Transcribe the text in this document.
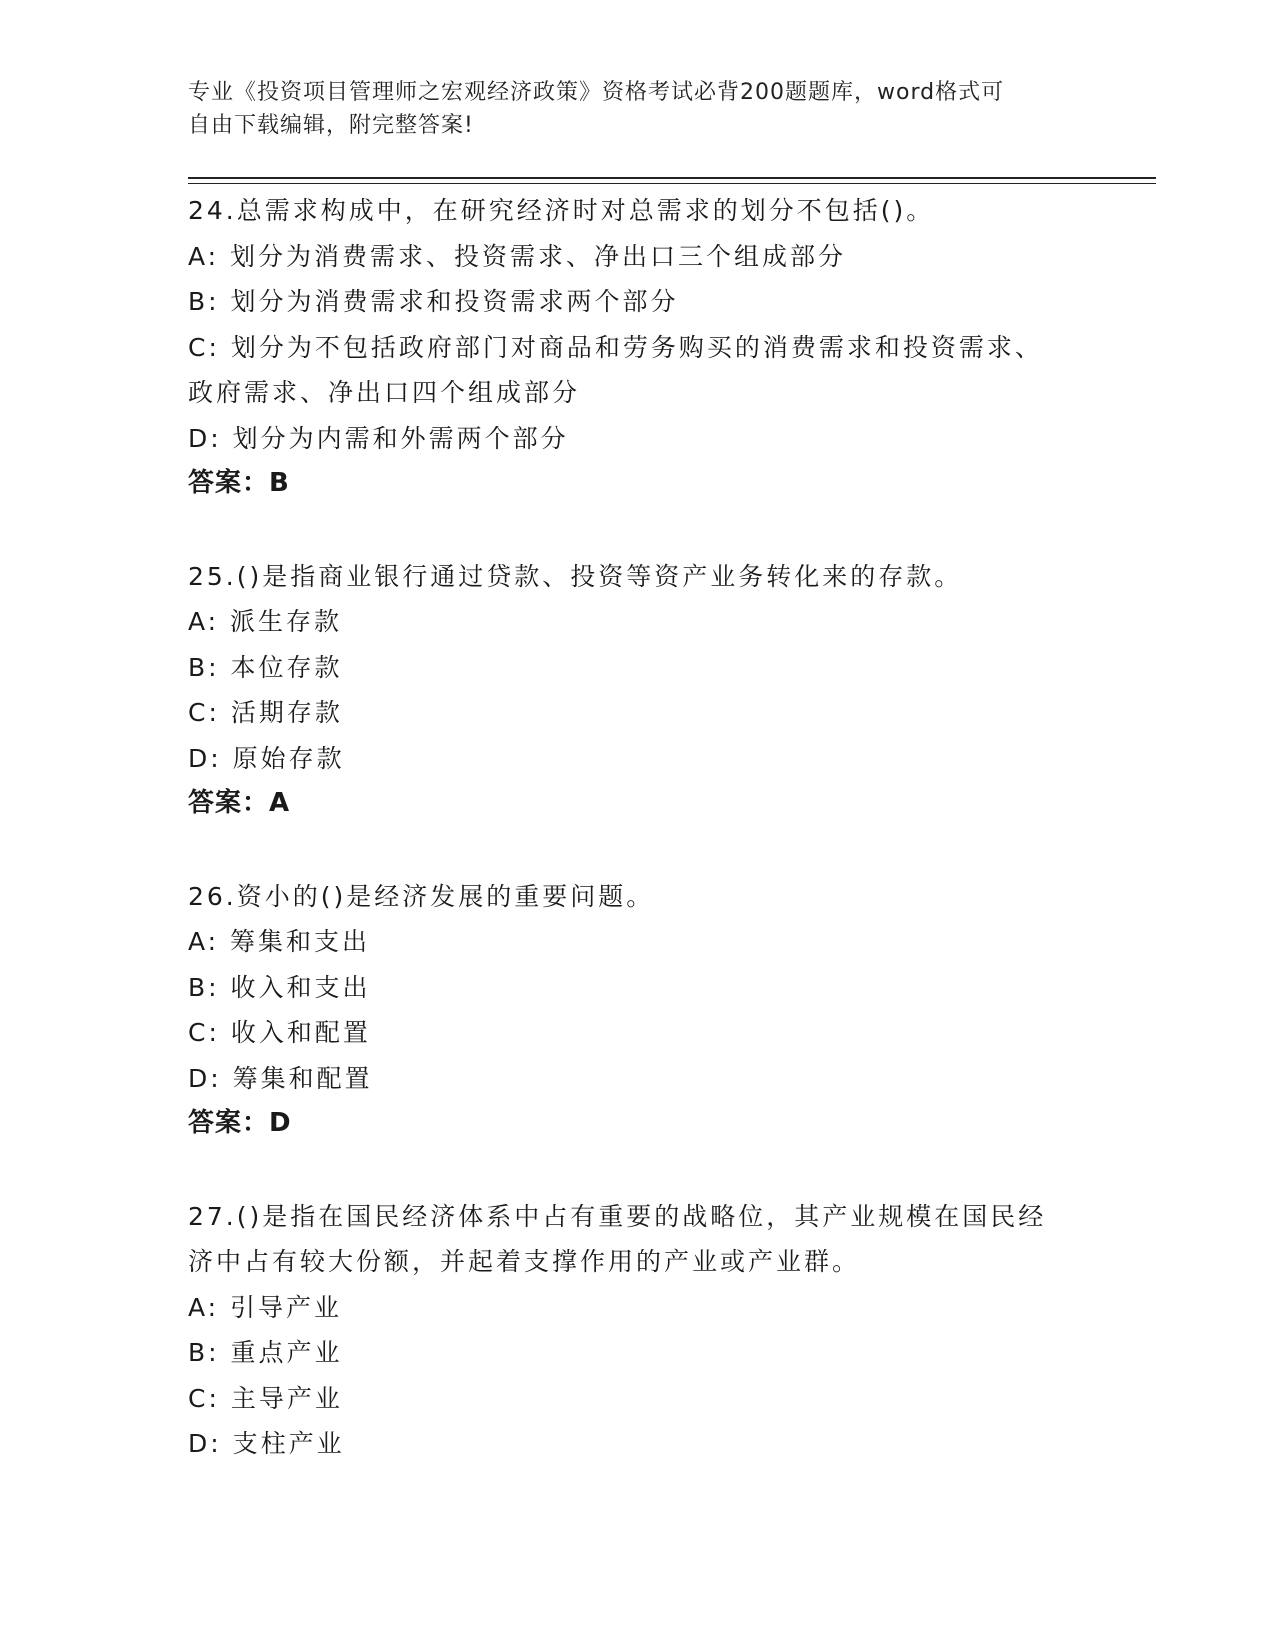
专业《投资项目管理师之宏观经济政策》资格考试必背200题题库，word格式可
自由下载编辑，附完整答案!
24.总需求构成中，在研究经济时对总需求的划分不包括()。
A: 划分为消费需求、投资需求、净出口三个组成部分
B: 划分为消费需求和投资需求两个部分
C: 划分为不包括政府部门对商品和劳务购买的消费需求和投资需求、
政府需求、净出口四个组成部分
D: 划分为内需和外需两个部分
答案：B
25.()是指商业银行通过贷款、投资等资产业务转化来的存款。
A: 派生存款
B: 本位存款
C: 活期存款
D: 原始存款
答案：A
26.资小的()是经济发展的重要问题。
A: 筹集和支出
B: 收入和支出
C: 收入和配置
D: 筹集和配置
答案：D
27.()是指在国民经济体系中占有重要的战略位，其产业规模在国民经
济中占有较大份额，并起着支撑作用的产业或产业群。
A: 引导产业
B: 重点产业
C: 主导产业
D: 支柱产业
